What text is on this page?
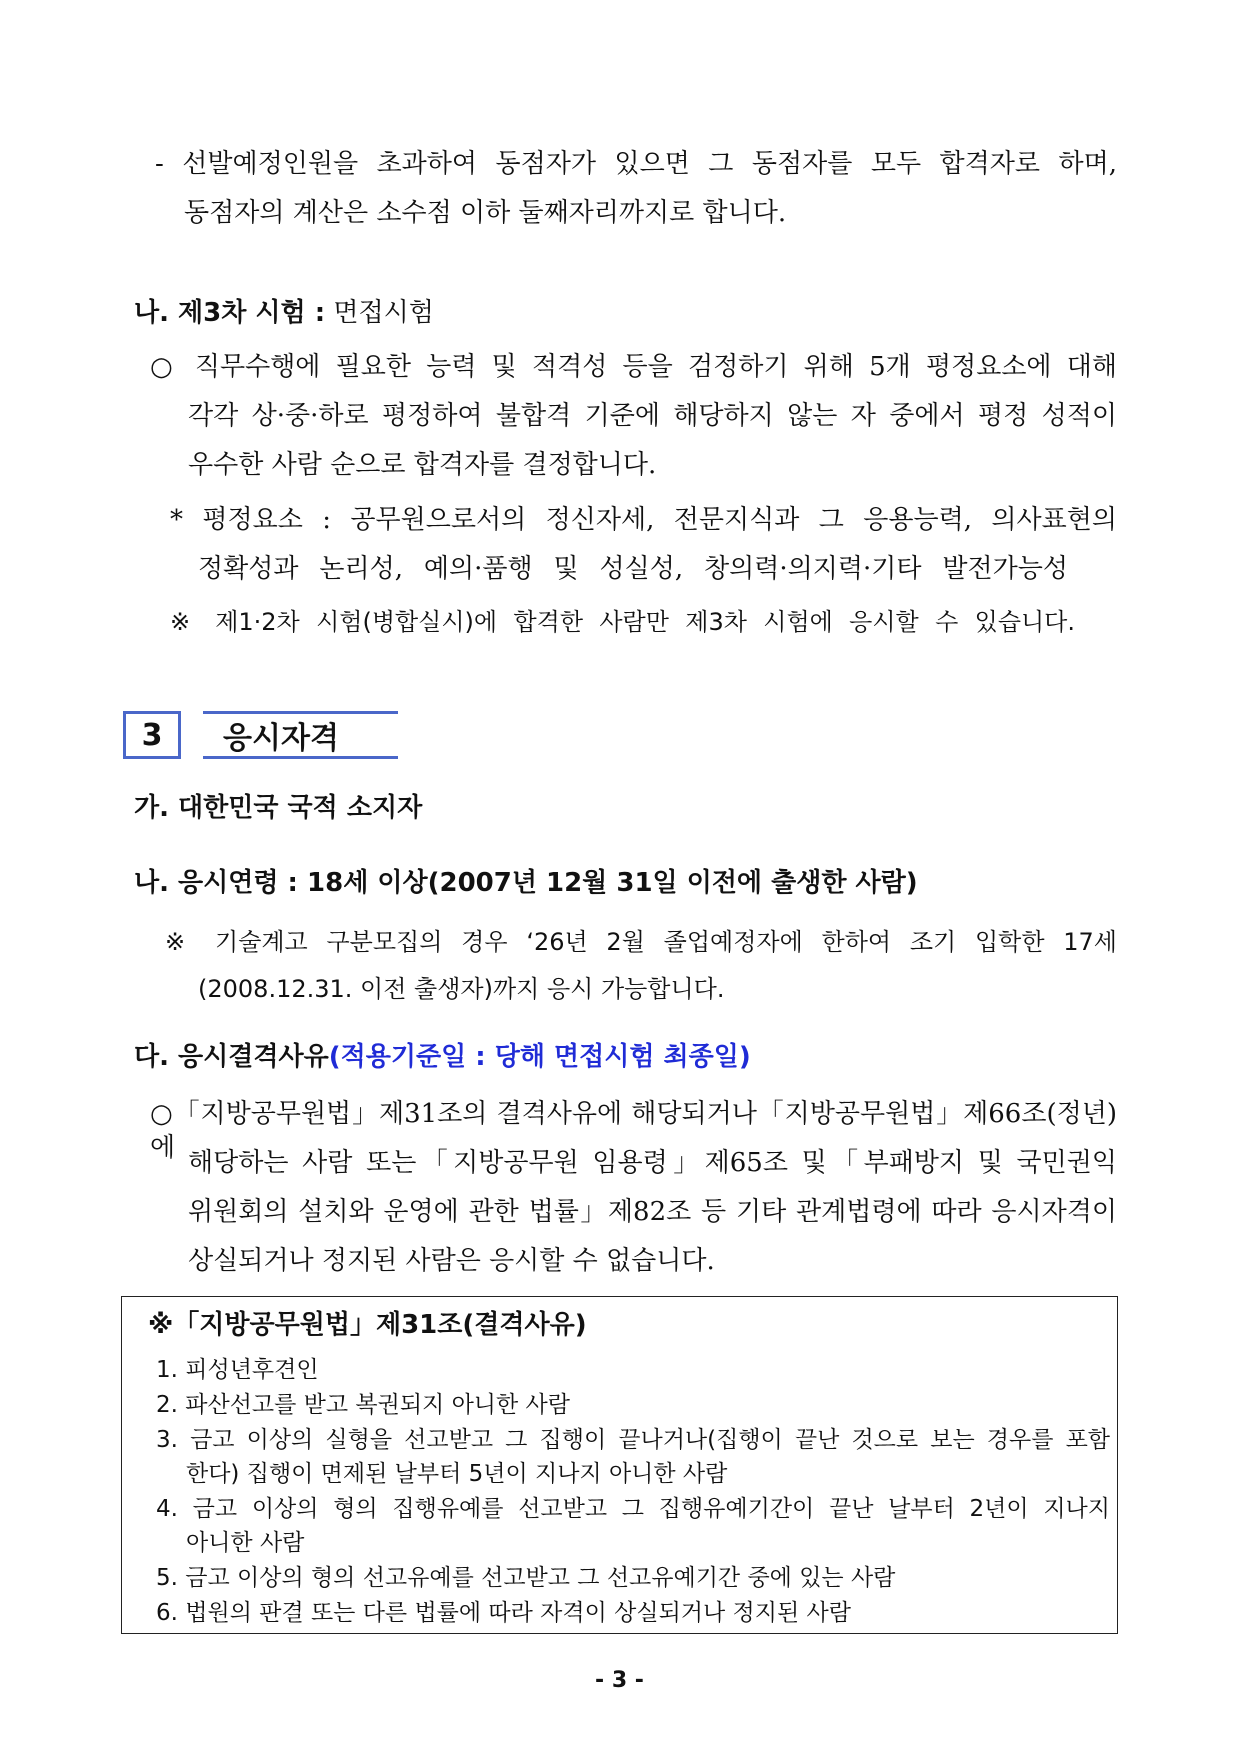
- 선발예정인원을 초과하여 동점자가 있으면 그 동점자를 모두 합격자로 하며,
동점자의 계산은 소수점 이하 둘째자리까지로 합니다.
나. 제3차 시험 : 면접시험
○ 직무수행에 필요한 능력 및 적격성 등을 검정하기 위해 5개 평정요소에 대해
각각 상·중·하로 평정하여 불합격 기준에 해당하지 않는 자 중에서 평정 성적이
우수한 사람 순으로 합격자를 결정합니다.
* 평정요소 : 공무원으로서의 정신자세, 전문지식과 그 응용능력, 의사표현의
정확성과 논리성, 예의·품행 및 성실성, 창의력·의지력·기타 발전가능성
※ 제1·2차 시험(병합실시)에 합격한 사람만 제3차 시험에 응시할 수 있습니다.
3	응시자격
가. 대한민국 국적 소지자
나. 응시연령 : 18세 이상(2007년 12월 31일 이전에 출생한 사람)
※ 기술계고 구분모집의 경우 ‘26년 2월 졸업예정자에 한하여 조기 입학한 17세
(2008.12.31. 이전 출생자)까지 응시 가능합니다.
다. 응시결격사유(적용기준일 : 당해 면접시험 최종일)
○「지방공무원법」제31조의 결격사유에 해당되거나「지방공무원법」제66조(정년)에 해당하는 사람 또는「지방공무원 임용령」제65조 및「부패방지 및 국민권익
위원회의 설치와 운영에 관한 법률」제82조 등 기타 관계법령에 따라 응시자격이
상실되거나 정지된 사람은 응시할 수 없습니다.
※「지방공무원법」제31조(결격사유)
1. 피성년후견인
2. 파산선고를 받고 복권되지 아니한 사람
3. 금고 이상의 실형을 선고받고 그 집행이 끝나거나(집행이 끝난 것으로 보는 경우를 포함
한다) 집행이 면제된 날부터 5년이 지나지 아니한 사람
4. 금고 이상의 형의 집행유예를 선고받고 그 집행유예기간이 끝난 날부터 2년이 지나지
아니한 사람
5. 금고 이상의 형의 선고유예를 선고받고 그 선고유예기간 중에 있는 사람
6. 법원의 판결 또는 다른 법률에 따라 자격이 상실되거나 정지된 사람
- 3 -
